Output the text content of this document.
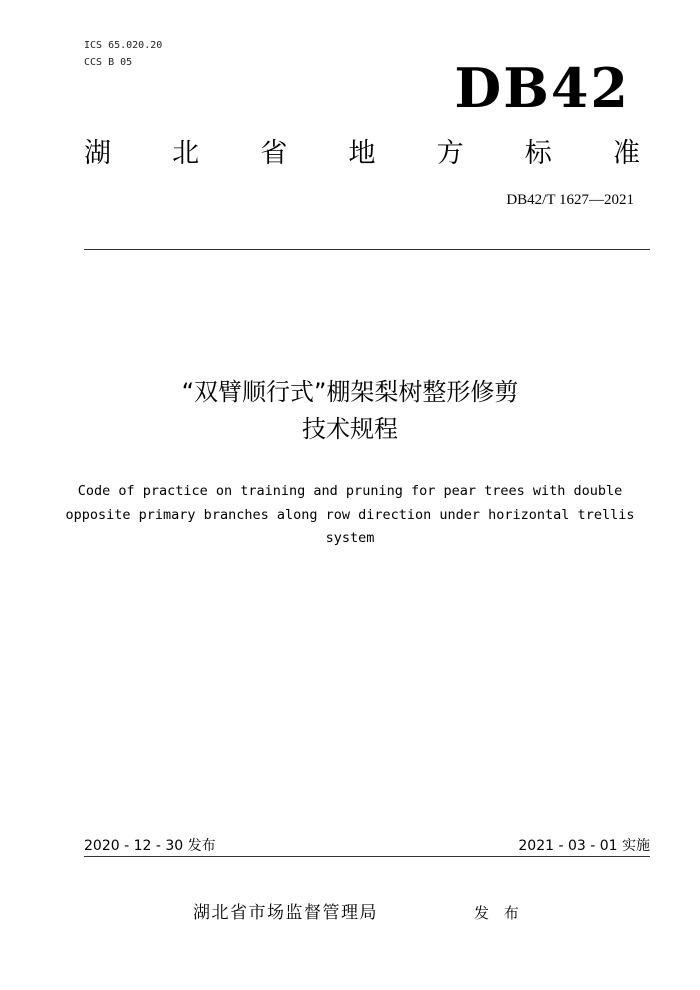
ICS 65.020.20
CCS B 05	DB42
湖 北 省 地 方 标 准
DB42/T 1627—2021
“双臂顺行式”棚架梨树整形修剪
技术规程
Code of practice on training and pruning for pear trees with double
opposite primary branches along row direction under horizontal trellis
system
2020 - 12 - 30 发布	2021 - 03 - 01 实施
湖北省市场监督管理局	发 布
